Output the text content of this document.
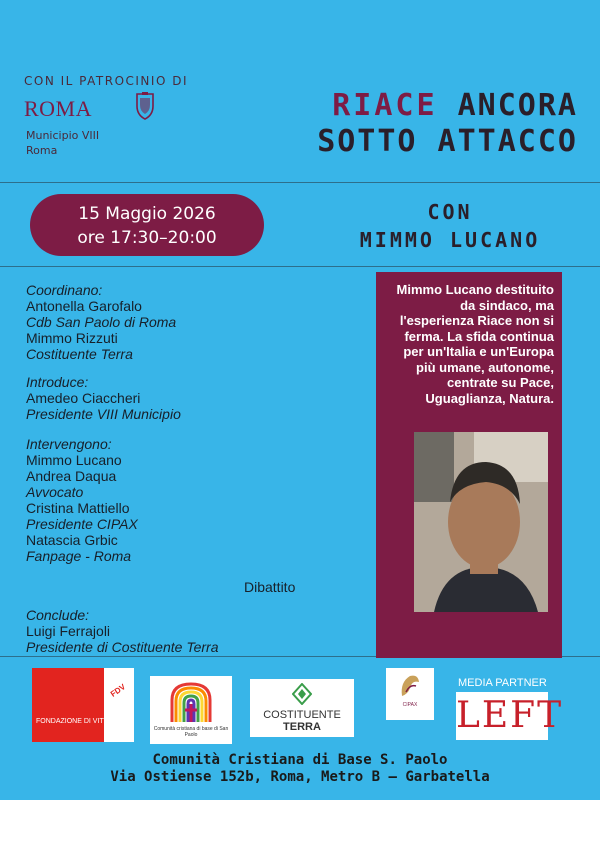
CON IL PATROCINIO DI
ROMA
Municipio VIII
Roma
RIACE ANCORA
SOTTO ATTACCO
15 Maggio 2026
ore 17:30–20:00
CON
MIMMO LUCANO
Coordinano:
Antonella Garofalo
Cdb San Paolo di Roma
Mimmo Rizzuti
Costituente Terra
Introduce:
Amedeo Ciaccheri
Presidente VIII Municipio
Intervengono:
Mimmo Lucano
Andrea Daqua
Avvocato
Cristina Mattiello
Presidente CIPAX
Natascia Grbic
Fanpage - Roma
Dibattito
Conclude:
Luigi Ferrajoli
Presidente di Costituente Terra
Mimmo Lucano destituito da sindaco, ma l'esperienza Riace non si ferma. La sfida continua per un'Italia e un'Europa più umane, autonome, centrate su Pace, Uguaglianza, Natura.
FONDAZIONE DI VITTORIO
FDV
Comunità cristiana di base di San Paolo
COSTITUENTE
TERRA
CIPAX
MEDIA PARTNER
LEFT
Comunità Cristiana di Base S. Paolo
Via Ostiense 152b, Roma, Metro B – Garbatella
